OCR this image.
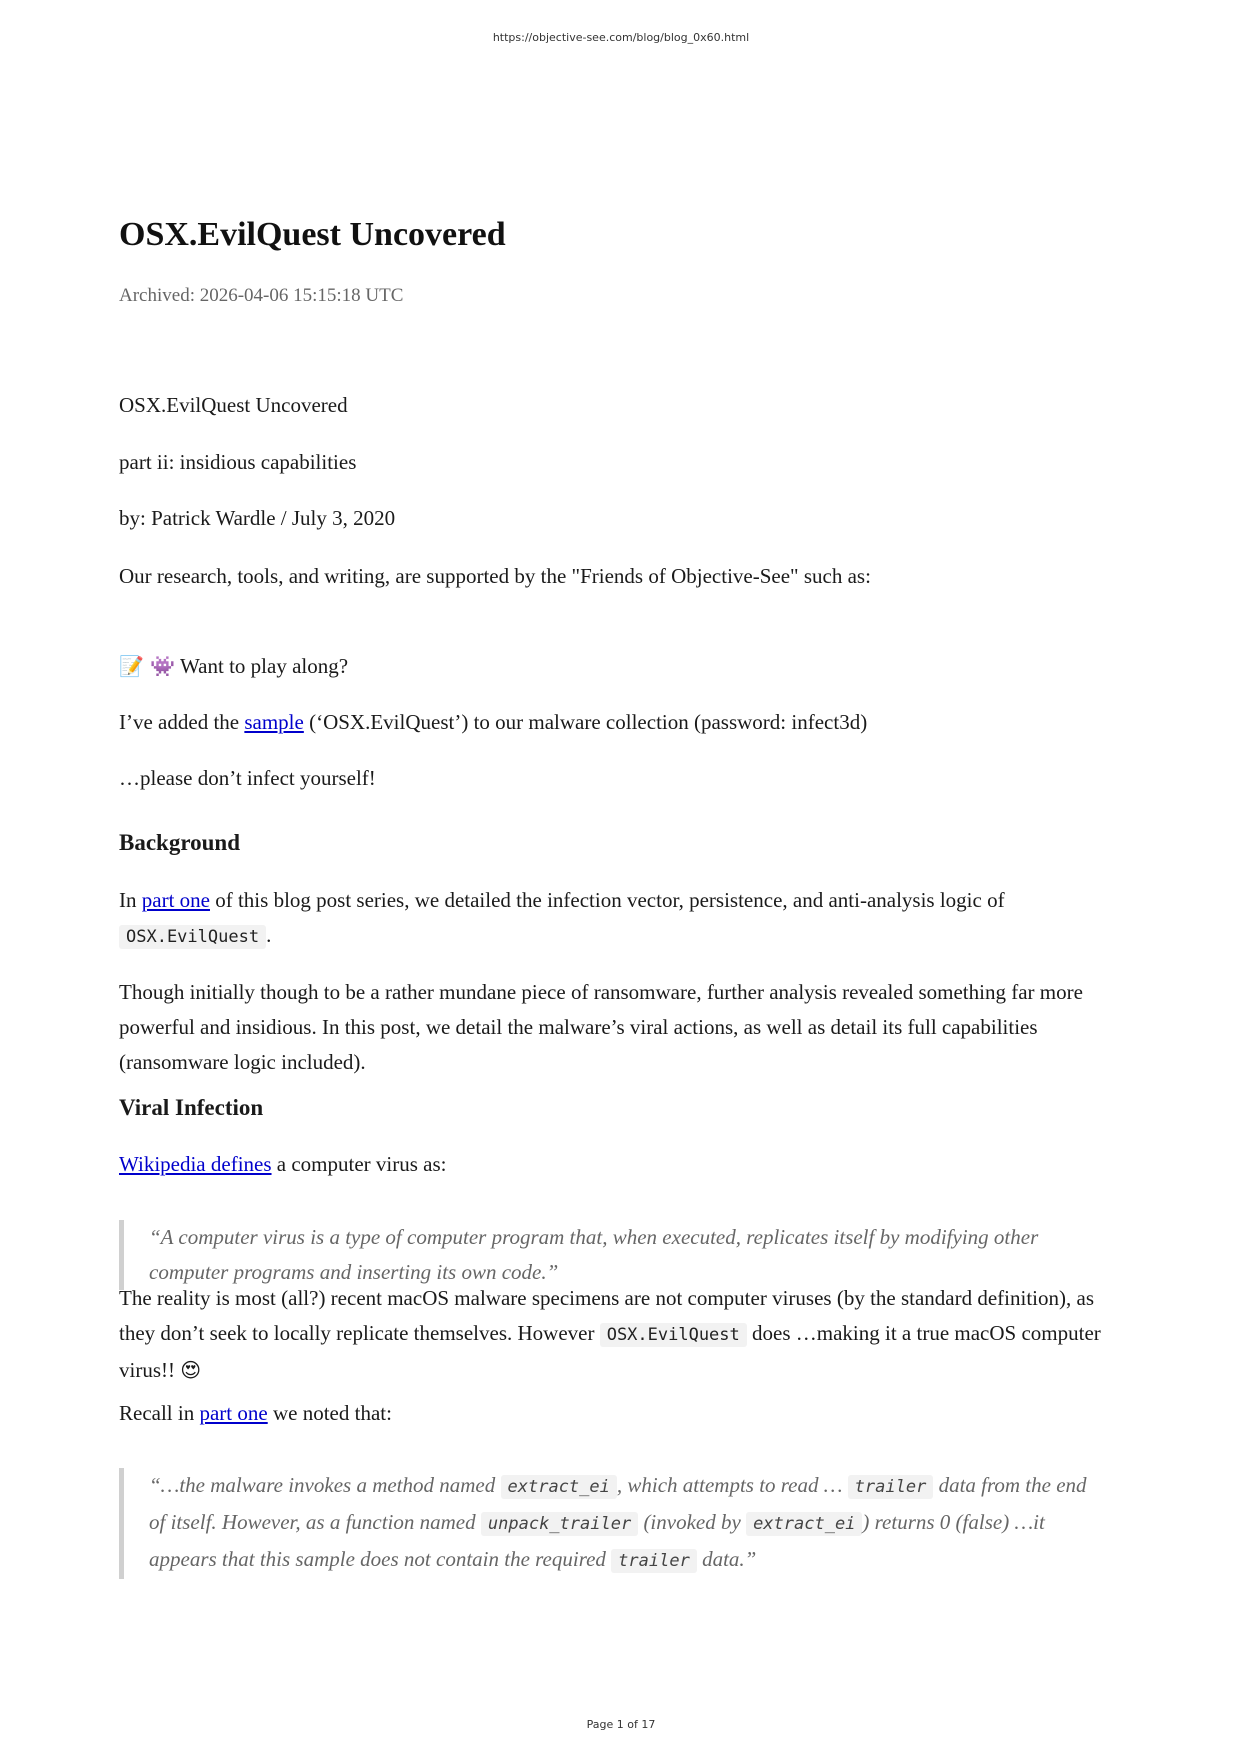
https://objective-see.com/blog/blog_0x60.html
OSX.EvilQuest Uncovered
Archived: 2026-04-06 15:15:18 UTC

OSX.EvilQuest Uncovered

part ii: insidious capabilities

by: Patrick Wardle / July 3, 2020

Our research, tools, and writing, are supported by the "Friends of Objective-See" such as:

📝 👾 Want to play along?

I’ve added the sample (‘OSX.EvilQuest’) to our malware collection (password: infect3d)

…please don’t infect yourself!

Background

In part one of this blog post series, we detailed the infection vector, persistence, and anti-analysis logic of OSX.EvilQuest .

Though initially though to be a rather mundane piece of ransomware, further analysis revealed something far more powerful and insidious. In this post, we detail the malware’s viral actions, as well as detail its full capabilities (ransomware logic included).

Viral Infection

Wikipedia defines a computer virus as:

“A computer virus is a type of computer program that, when executed, replicates itself by modifying other computer programs and inserting its own code.”

The reality is most (all?) recent macOS malware specimens are not computer viruses (by the standard definition), as they don’t seek to locally replicate themselves. However OSX.EvilQuest does …making it a true macOS computer virus!! 😍

Recall in part one we noted that:

“…the malware invokes a method named extract_ei , which attempts to read … trailer data from the end of itself. However, as a function named unpack_trailer (invoked by extract_ei ) returns 0 (false) …it appears that this sample does not contain the required trailer data.”
Page 1 of 17
